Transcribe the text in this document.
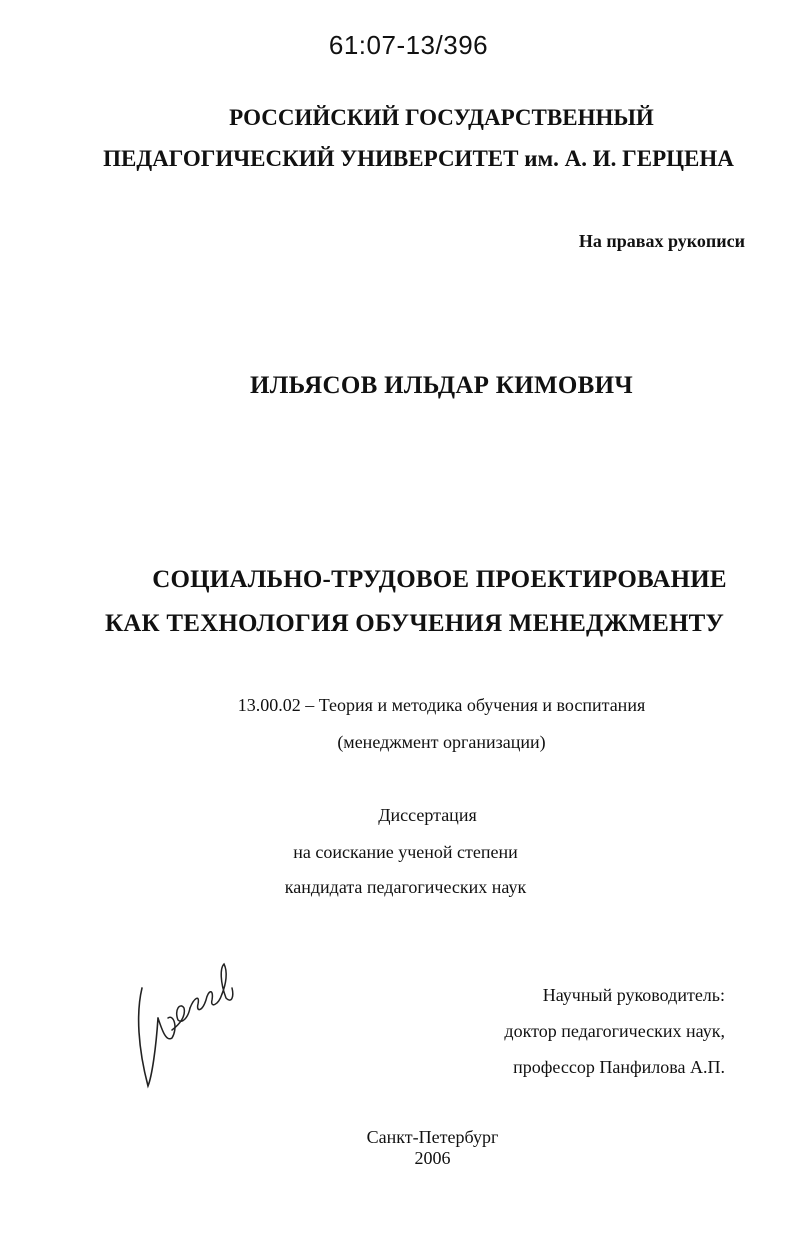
61:07-13/396
РОССИЙСКИЙ ГОСУДАРСТВЕННЫЙ
ПЕДАГОГИЧЕСКИЙ УНИВЕРСИТЕТ им. А. И. ГЕРЦЕНА
На правах рукописи
ИЛЬЯСОВ ИЛЬДАР КИМОВИЧ
СОЦИАЛЬНО-ТРУДОВОЕ ПРОЕКТИРОВАНИЕ
КАК ТЕХНОЛОГИЯ ОБУЧЕНИЯ МЕНЕДЖМЕНТУ
13.00.02 – Теория и методика обучения и воспитания
(менеджмент организации)
Диссертация
на соискание ученой степени
кандидата педагогических наук
Научный руководитель:
доктор педагогических наук,
профессор Панфилова А.П.
Санкт-Петербург
2006
